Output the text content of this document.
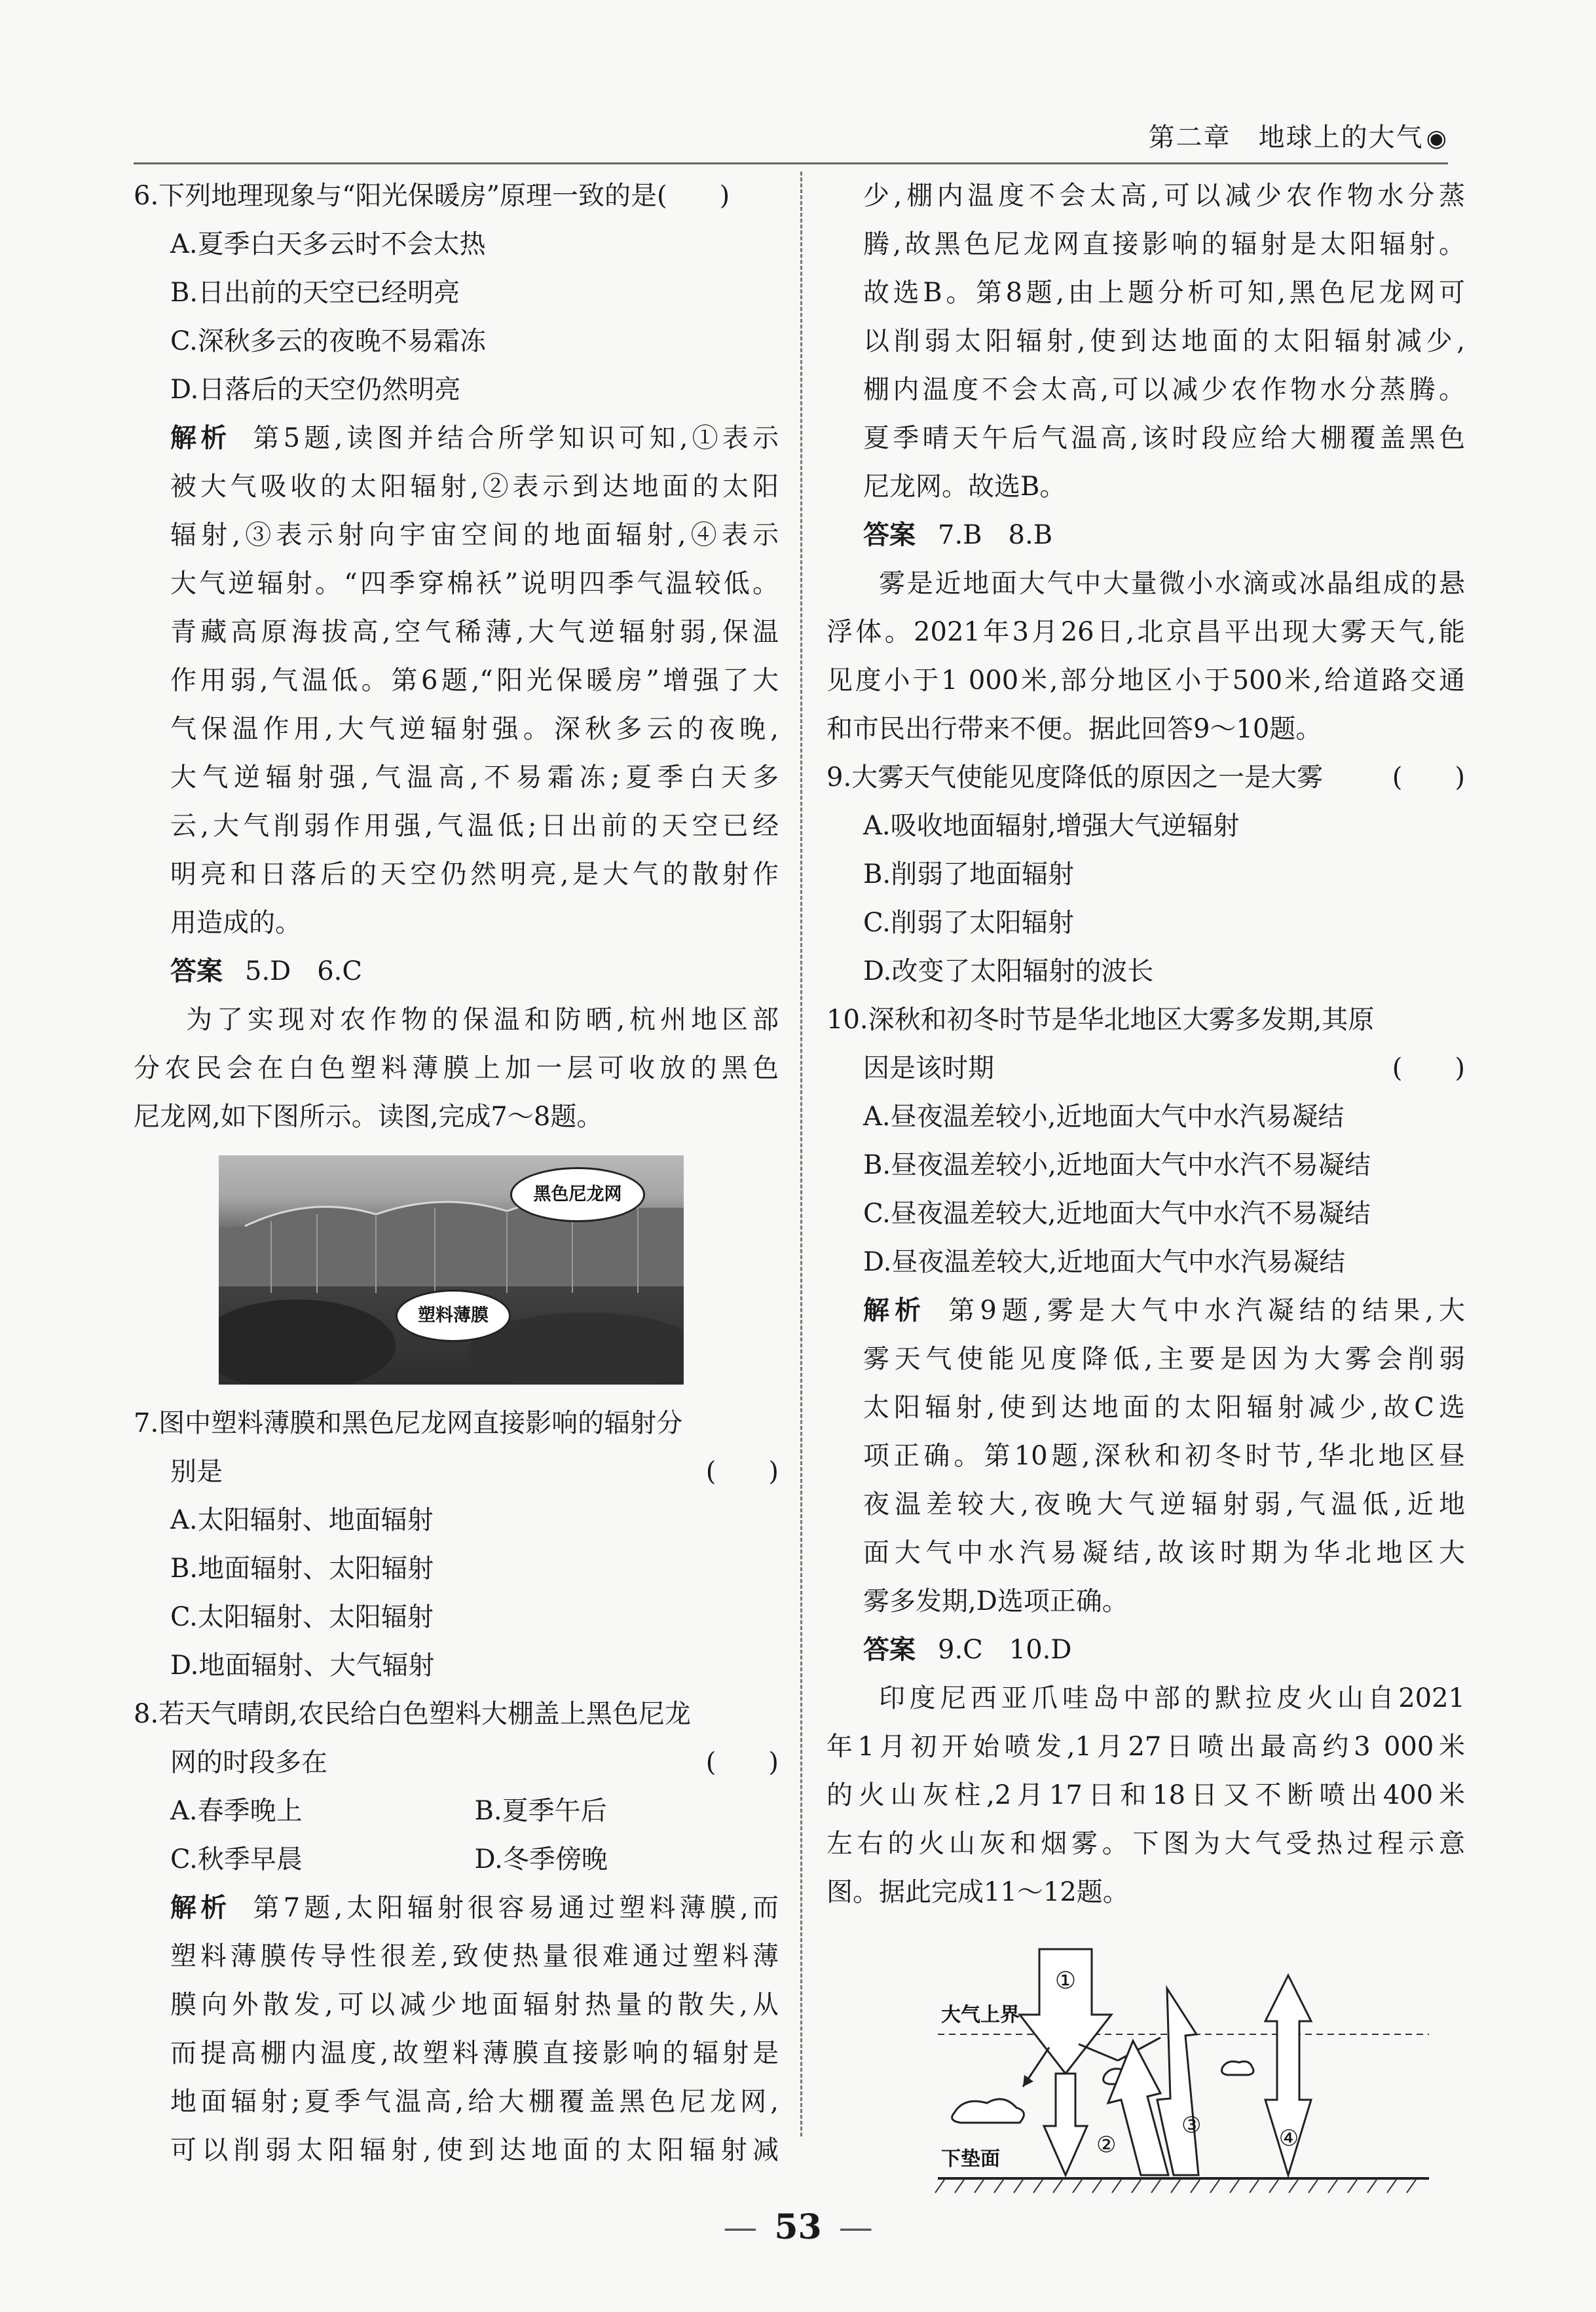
第二章　 地球上的大气 ◉
6.下列地理现象与“阳光保暖房”原理一致的是(　　)
A.夏季白天多云时不会太热
B.日出前的天空已经明亮
C.深秋多云的夜晚不易霜冻
D.日落后的天空仍然明亮
解析 第5题,读图并结合所学知识可知,①表示
被大气吸收的太阳辐射,②表示到达地面的太阳
辐射,③表示射向宇宙空间的地面辐射,④表示
大气逆辐射。“四季穿棉袄”说明四季气温较低。
青藏高原海拔高,空气稀薄,大气逆辐射弱,保温
作用弱,气温低。第6题,“阳光保暖房”增强了大
气保温作用,大气逆辐射强。深秋多云的夜晚,
大气逆辐射强,气温高,不易霜冻;夏季白天多
云,大气削弱作用强,气温低;日出前的天空已经
明亮和日落后的天空仍然明亮,是大气的散射作
用造成的。
答案 5.D　6.C
为了实现对农作物的保温和防晒,杭州地区部
分农民会在白色塑料薄膜上加一层可收放的黑色
尼龙网,如下图所示。读图,完成7～8题。
黑色尼龙网
塑料薄膜
7.图中塑料薄膜和黑色尼龙网直接影响的辐射分
别是	(　　)
A.太阳辐射、地面辐射
B.地面辐射、太阳辐射
C.太阳辐射、太阳辐射
D.地面辐射、大气辐射
8.若天气晴朗,农民给白色塑料大棚盖上黑色尼龙
网的时段多在	(　　)
A.春季晚上	B.夏季午后
C.秋季早晨	D.冬季傍晚
解析 第7题,太阳辐射很容易通过塑料薄膜,而
塑料薄膜传导性很差,致使热量很难通过塑料薄
膜向外散发,可以减少地面辐射热量的散失,从
而提高棚内温度,故塑料薄膜直接影响的辐射是
地面辐射;夏季气温高,给大棚覆盖黑色尼龙网,
可以削弱太阳辐射,使到达地面的太阳辐射减
少,棚内温度不会太高,可以减少农作物水分蒸
腾,故黑色尼龙网直接影响的辐射是太阳辐射。
故选B。第8题,由上题分析可知,黑色尼龙网可
以削弱太阳辐射,使到达地面的太阳辐射减少,
棚内温度不会太高,可以减少农作物水分蒸腾。
夏季晴天午后气温高,该时段应给大棚覆盖黑色
尼龙网。故选B。
答案 7.B　8.B
雾是近地面大气中大量微小水滴或冰晶组成的悬
浮体。2021年3月26日,北京昌平出现大雾天气,能
见度小于1 000米,部分地区小于500米,给道路交通
和市民出行带来不便。据此回答9～10题。
9.大雾天气使能见度降低的原因之一是大雾	(　　)
A.吸收地面辐射,增强大气逆辐射
B.削弱了地面辐射
C.削弱了太阳辐射
D.改变了太阳辐射的波长
10.深秋和初冬时节是华北地区大雾多发期,其原
因是该时期	(　　)
A.昼夜温差较小,近地面大气中水汽易凝结
B.昼夜温差较小,近地面大气中水汽不易凝结
C.昼夜温差较大,近地面大气中水汽不易凝结
D.昼夜温差较大,近地面大气中水汽易凝结
解析 第9题,雾是大气中水汽凝结的结果,大
雾天气使能见度降低,主要是因为大雾会削弱
太阳辐射,使到达地面的太阳辐射减少,故C选
项正确。第10题,深秋和初冬时节,华北地区昼
夜温差较大,夜晚大气逆辐射弱,气温低,近地
面大气中水汽易凝结,故该时期为华北地区大
雾多发期,D选项正确。
答案 9.C　10.D
印度尼西亚爪哇岛中部的默拉皮火山自2021
年1月初开始喷发,1月27日喷出最高约3 000米
的火山灰柱,2月17日和18日又不断喷出400米
左右的火山灰和烟雾。下图为大气受热过程示意
图。据此完成11～12题。
大气上界
下垫面
①
②
③	④
— 53 —
